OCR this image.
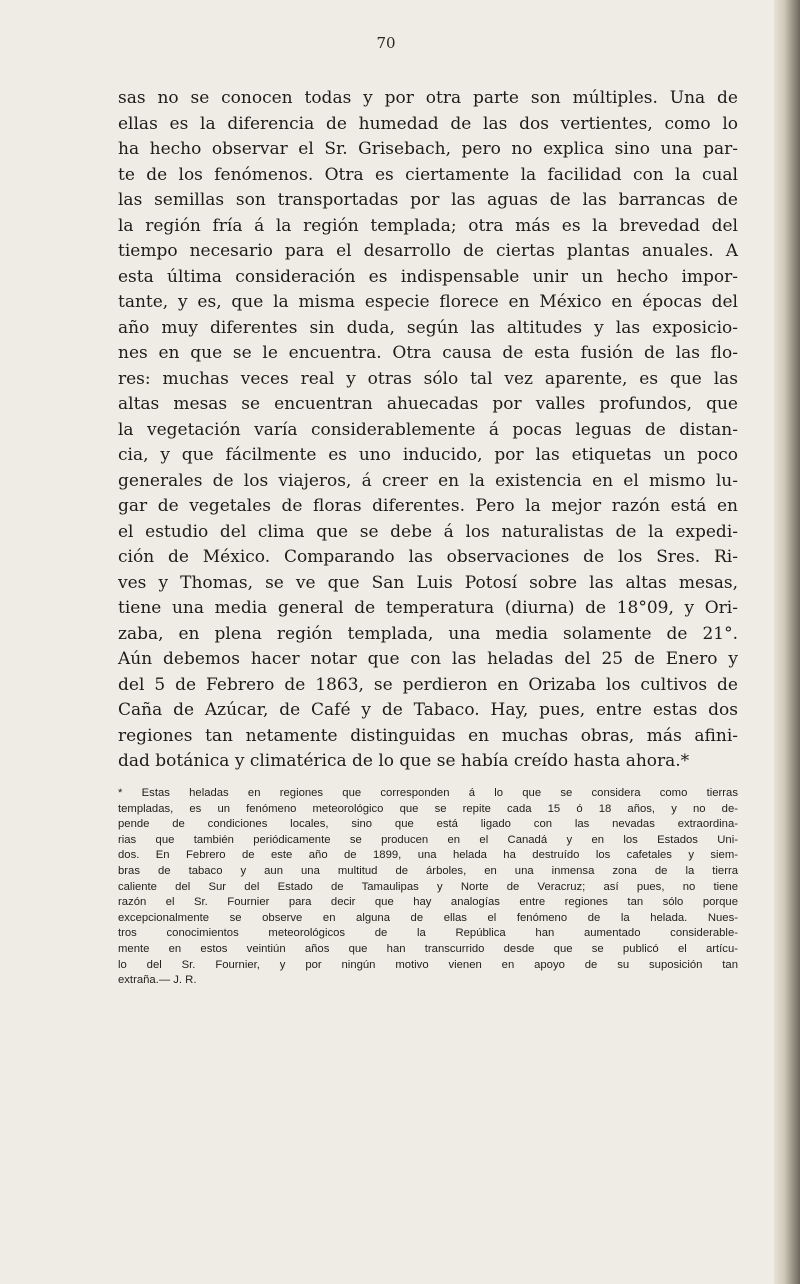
70
sas no se conocen todas y por otra parte son múltiples. Una de
ellas es la diferencia de humedad de las dos vertientes, como lo
ha hecho observar el Sr. Grisebach, pero no explica sino una par-
te de los fenómenos. Otra es ciertamente la facilidad con la cual
las semillas son transportadas por las aguas de las barrancas de
la región fría á la región templada; otra más es la brevedad del
tiempo necesario para el desarrollo de ciertas plantas anuales. A
esta última consideración es indispensable unir un hecho impor-
tante, y es, que la misma especie florece en México en épocas del
año muy diferentes sin duda, según las altitudes y las exposicio-
nes en que se le encuentra. Otra causa de esta fusión de las flo-
res: muchas veces real y otras sólo tal vez aparente, es que las
altas mesas se encuentran ahuecadas por valles profundos, que
la vegetación varía considerablemente á pocas leguas de distan-
cia, y que fácilmente es uno inducido, por las etiquetas un poco
generales de los viajeros, á creer en la existencia en el mismo lu-
gar de vegetales de floras diferentes. Pero la mejor razón está en
el estudio del clima que se debe á los naturalistas de la expedi-
ción de México. Comparando las observaciones de los Sres. Ri-
ves y Thomas, se ve que San Luis Potosí sobre las altas mesas,
tiene una media general de temperatura (diurna) de 18°09, y Ori-
zaba, en plena región templada, una media solamente de 21°.
Aún debemos hacer notar que con las heladas del 25 de Enero y
del 5 de Febrero de 1863, se perdieron en Orizaba los cultivos de
Caña de Azúcar, de Café y de Tabaco. Hay, pues, entre estas dos
regiones tan netamente distinguidas en muchas obras, más afini-
dad botánica y climatérica de lo que se había creído hasta ahora.*
* Estas heladas en regiones que corresponden á lo que se considera como tierras
templadas, es un fenómeno meteorológico que se repite cada 15 ó 18 años, y no de-
pende de condiciones locales, sino que está ligado con las nevadas extraordina-
rias que también periódicamente se producen en el Canadá y en los Estados Uni-
dos. En Febrero de este año de 1899, una helada ha destruído los cafetales y siem-
bras de tabaco y aun una multitud de árboles, en una inmensa zona de la tierra
caliente del Sur del Estado de Tamaulipas y Norte de Veracruz; así pues, no tiene
razón el Sr. Fournier para decir que hay analogías entre regiones tan sólo porque
excepcionalmente se observe en alguna de ellas el fenómeno de la helada. Nues-
tros conocimientos meteorológicos de la República han aumentado considerable-
mente en estos veintiún años que han transcurrido desde que se publicó el artícu-
lo del Sr. Fournier, y por ningún motivo vienen en apoyo de su suposición tan
extraña.— J. R.
